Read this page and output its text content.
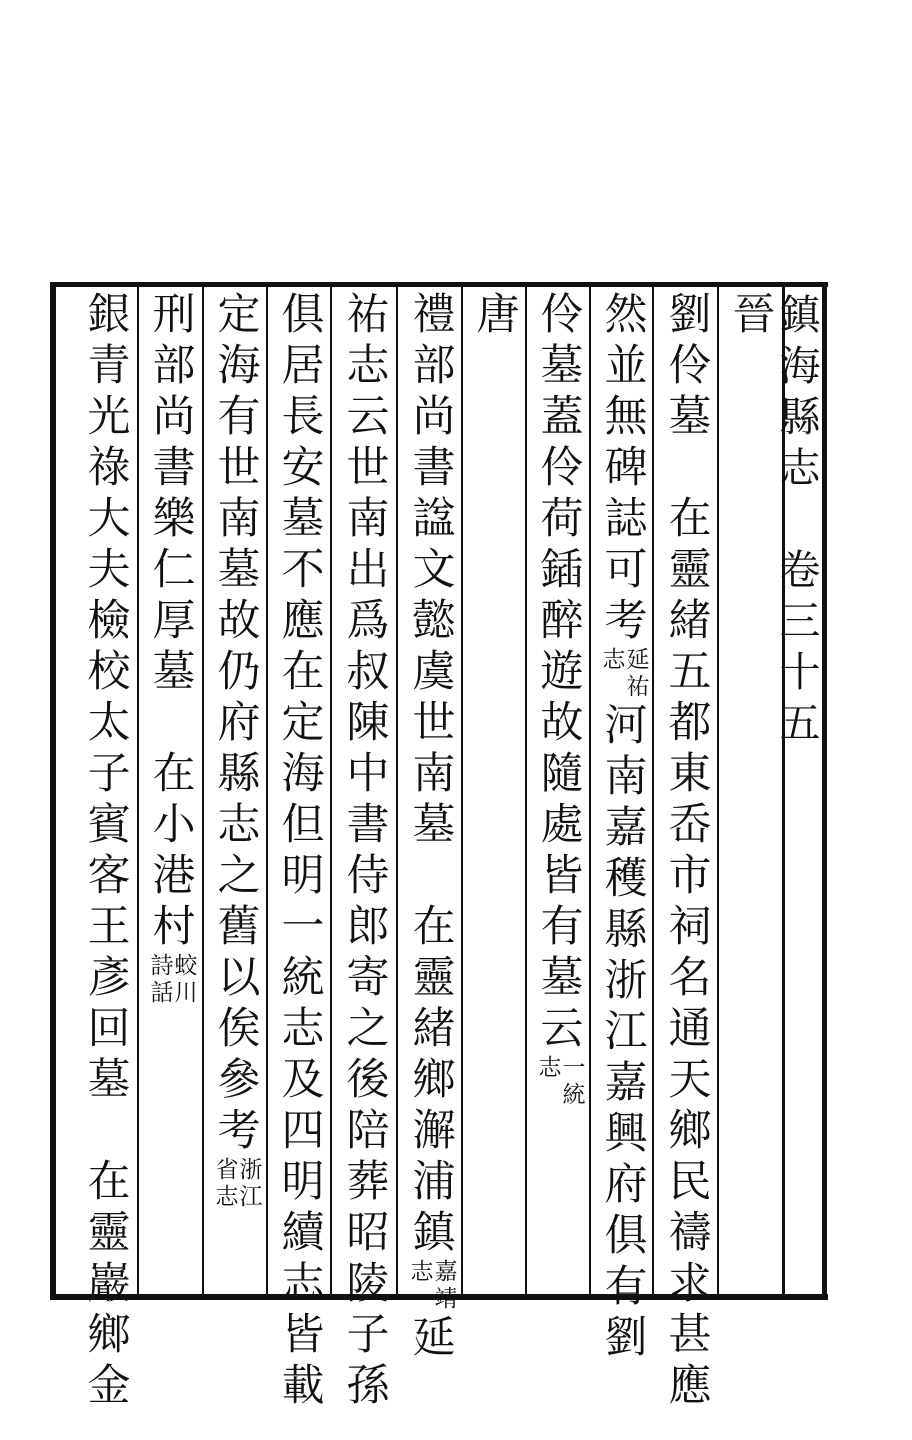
鎮
海
縣
志
卷
三
十
五
晉
劉
伶
墓
在
靈
緒
五
都
東
岙
市
祠
名
通
天
鄉
民
禱
求
甚
應
然
並
無
碑
誌
可
考
延
祐
志
河
南
嘉
穫
縣
浙
江
嘉
興
府
俱
有
劉
伶
墓
蓋
伶
荷
鍤
醉
遊
故
隨
處
皆
有
墓
云
一
統
志
唐
禮
部
尚
書
諡
文
懿
虞
世
南
墓
在
靈
緒
鄉
澥
浦
鎮
嘉
靖
志
延
祐
志
云
世
南
出
爲
叔
陳
中
書
侍
郎
寄
之
後
陪
葬
昭
陵
子
孫
俱
居
長
安
墓
不
應
在
定
海
但
明
一
統
志
及
四
明
續
志
皆
載
定
海
有
世
南
墓
故
仍
府
縣
志
之
舊
以
俟
參
考
浙
江
省
志
刑
部
尚
書
樂
仁
厚
墓
在
小
港
村
蛟
川
詩
話
銀
青
光
祿
大
夫
檢
校
太
子
賓
客
王
彥
回
墓
在
靈
巖
鄉
金
